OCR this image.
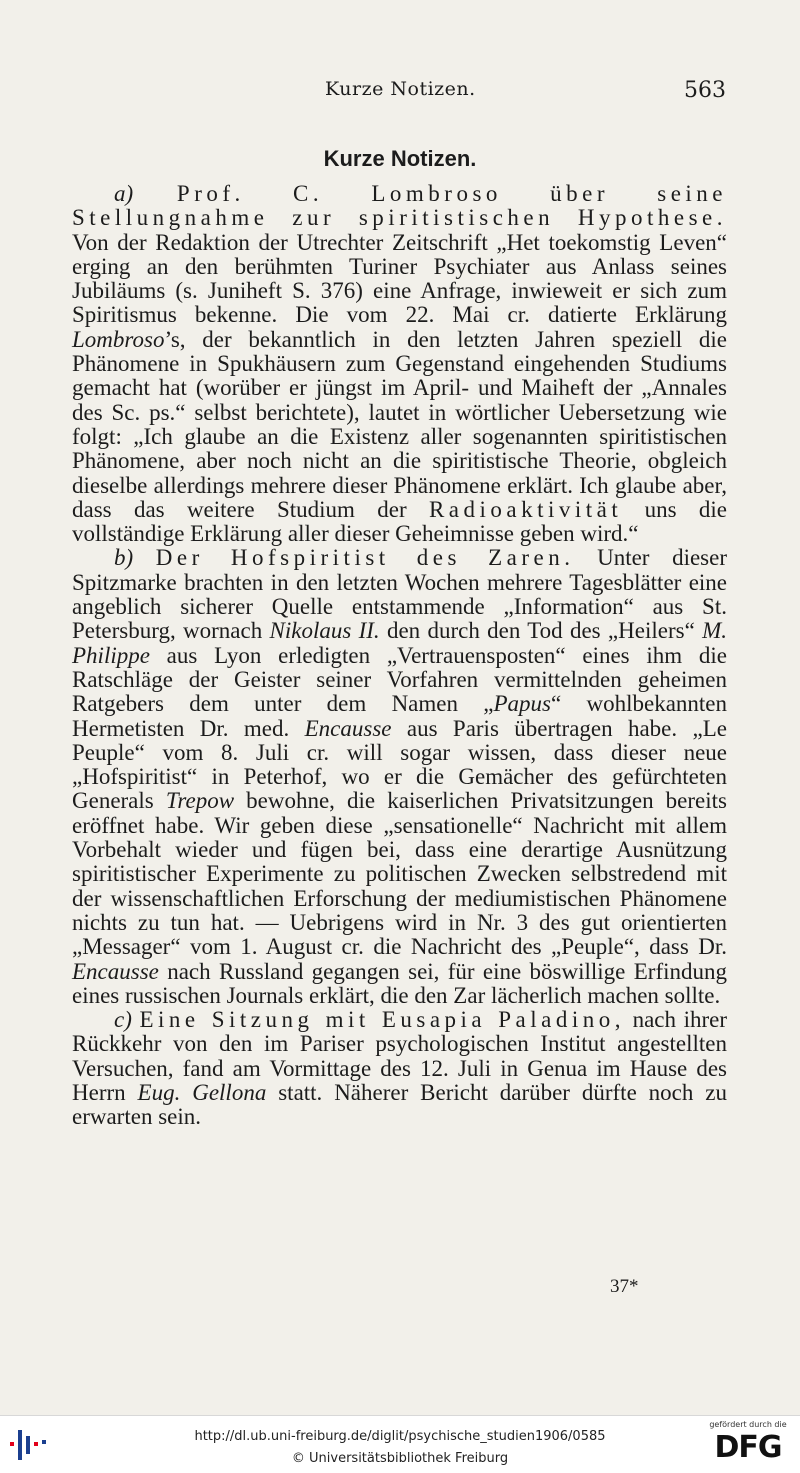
Kurze Notizen.	563
Kurze Notizen.

a) Prof. C. Lombroso über seine Stellungnahme zur spiritistischen Hypothese. Von der Redaktion der Utrechter Zeitschrift „Het toekomstig Leven“ erging an den berühmten Turiner Psychiater aus Anlass seines Jubiläums (s. Juniheft S. 376) eine Anfrage, inwieweit er sich zum Spiritismus bekenne. Die vom 22. Mai cr. datierte Erklärung Lombroso’s, der bekanntlich in den letzten Jahren speziell die Phänomene in Spukhäusern zum Gegenstand eingehenden Studiums gemacht hat (worüber er jüngst im April- und Maiheft der „Annales des Sc. ps.“ selbst berichtete), lautet in wörtlicher Uebersetzung wie folgt: „Ich glaube an die Existenz aller sogenannten spiritistischen Phänomene, aber noch nicht an die spiritistische Theorie, obgleich dieselbe allerdings mehrere dieser Phänomene erklärt. Ich glaube aber, dass das weitere Studium der Radioaktivität uns die vollständige Erklärung aller dieser Geheimnisse geben wird.“

b) Der Hofspiritist des Zaren. Unter dieser Spitzmarke brachten in den letzten Wochen mehrere Tagesblätter eine angeblich sicherer Quelle entstammende „Information“ aus St. Petersburg, wornach Nikolaus II. den durch den Tod des „Heilers“ M. Philippe aus Lyon erledigten „Vertrauensposten“ eines ihm die Ratschläge der Geister seiner Vorfahren vermittelnden geheimen Ratgebers dem unter dem Namen „Papus“ wohlbekannten Hermetisten Dr. med. Encausse aus Paris übertragen habe. „Le Peuple“ vom 8. Juli cr. will sogar wissen, dass dieser neue „Hofspiritist“ in Peterhof, wo er die Gemächer des gefürchteten Generals Trepow bewohne, die kaiserlichen Privatsitzungen bereits eröffnet habe. Wir geben diese „sensationelle“ Nachricht mit allem Vorbehalt wieder und fügen bei, dass eine derartige Ausnützung spiritistischer Experimente zu politischen Zwecken selbstredend mit der wissenschaftlichen Erforschung der mediumistischen Phänomene nichts zu tun hat. — Uebrigens wird in Nr. 3 des gut orientierten „Messager“ vom 1. August cr. die Nachricht des „Peuple“, dass Dr. Encausse nach Russland gegangen sei, für eine böswillige Erfindung eines russischen Journals erklärt, die den Zar lächerlich machen sollte.

c) Eine Sitzung mit Eusapia Paladino, nach ihrer Rückkehr von den im Pariser psychologischen Institut angestellten Versuchen, fand am Vormittage des 12. Juli in Genua im Hause des Herrn Eug. Gellona statt. Näherer Bericht darüber dürfte noch zu erwarten sein.

37*
http://dl.ub.uni-freiburg.de/diglit/psychische_studien1906/0585
© Universitätsbibliothek Freiburg
gefördert durch die
DFG
